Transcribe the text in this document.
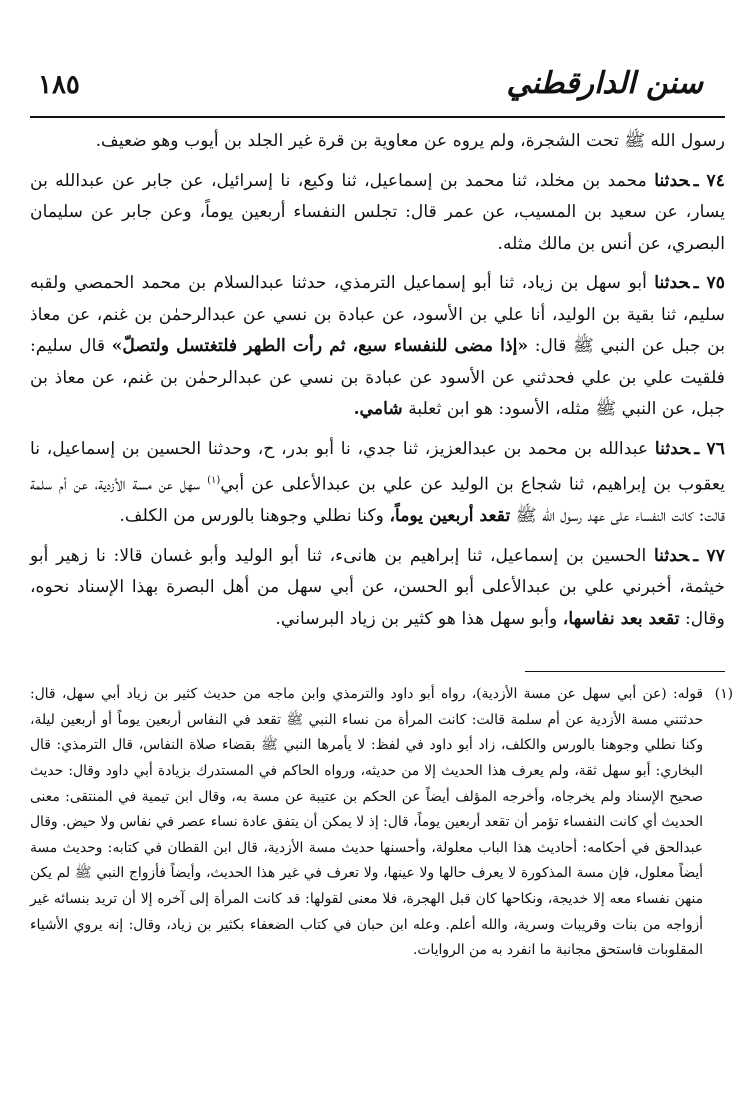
سنن الدارقطني
١٨٥

رسول الله ﷺ تحت الشجرة، ولم يروه عن معاوية بن قرة غير الجلد بن أيوب وهو ضعيف.

٧٤ ـحدثنا محمد بن مخلد، ثنا محمد بن إسماعيل، ثنا وكيع، نا إسرائيل، عن جابر عن عبدالله بن يسار، عن سعيد بن المسيب، عن عمر قال: تجلس النفساء أربعين يوماً، وعن جابر عن سليمان البصري، عن أنس بن مالك مثله.

٧٥ ـحدثنا أبو سهل بن زياد، ثنا أبو إسماعيل الترمذي، حدثنا عبدالسلام بن محمد الحمصي ولقبه سليم، ثنا بقية بن الوليد، أنا علي بن الأسود، عن عبادة بن نسي عن عبدالرحمٰن بن غنم، عن معاذ بن جبل عن النبي ﷺ قال: «إذا مضى للنفساء سبع، ثم رأت الطهر فلتغتسل ولتصلّ» قال سليم: فلقيت علي بن علي فحدثني عن الأسود عن عبادة بن نسي عن عبدالرحمٰن بن غنم، عن معاذ بن جبل، عن النبي ﷺ مثله، الأسود: هو ابن ثعلبة شامي.

٧٦ ـحدثنا عبدالله بن محمد بن عبدالعزيز، ثنا جدي، نا أبو بدر، ح، وحدثنا الحسين بن إسماعيل، نا يعقوب بن إبراهيم، ثنا شجاع بن الوليد عن علي بن عبدالأعلى عن أبي$^{(١)}$ سهل عن مسة الأزدية، عن أم سلمة قالت: كانت النفساء على عهد رسول الله ﷺ تقعد أربعين يوماً، وكنا نطلي وجوهنا بالورس من الكلف.

٧٧ ـحدثنا الحسين بن إسماعيل، ثنا إبراهيم بن هانىء، ثنا أبو الوليد وأبو غسان قالا: نا زهير أبو خيثمة، أخبرني علي بن عبدالأعلى أبو الحسن، عن أبي سهل من أهل البصرة بهذا الإسناد نحوه، وقال: تقعد بعد نفاسها، وأبو سهل هذا هو كثير بن زياد البرساني.

(١)
قوله: (عن أبي سهل عن مسة الأزدية)، رواه أبو داود والترمذي وابن ماجه من حديث كثير بن زياد أبي سهل، قال: حدثتني مسة الأزدية عن أم سلمة قالت: كانت المرأة من نساء النبي ﷺ تقعد في النفاس أربعين يوماً أو أربعين ليلة، وكنا نطلي وجوهنا بالورس والكلف، زاد أبو داود في لفظ: لا يأمرها النبي ﷺ بقضاء صلاة النفاس، قال الترمذي: قال البخاري: أبو سهل ثقة، ولم يعرف هذا الحديث إلا من حديثه، ورواه الحاكم في المستدرك بزيادة أبي داود وقال: حديث صحيح الإسناد ولم يخرجاه، وأخرجه المؤلف أيضاً عن الحكم بن عتيبة عن مسة به، وقال ابن تيمية في المنتقى: معنى الحديث أي كانت النفساء تؤمر أن تقعد أربعين يوماً، قال: إذ لا يمكن أن يتفق عادة نساء عصر في نفاس ولا حيض. وقال عبدالحق في أحكامه: أحاديث هذا الباب معلولة، وأحسنها حديث مسة الأزدية، قال ابن القطان في كتابه: وحديث مسة أيضاً معلول، فإن مسة المذكورة لا يعرف حالها ولا عينها، ولا تعرف في غير هذا الحديث، وأيضاً فأزواج النبي ﷺ لم يكن منهن نفساء معه إلا خديجة، ونكاحها كان قبل الهجرة، فلا معنى لقولها: قد كانت المرأة إلى آخره إلا أن تريد بنسائه غير أزواجه من بنات وقريبات وسرية، والله أعلم. وعله ابن حبان في كتاب الضعفاء بكثير بن زياد، وقال: إنه يروي الأشياء المقلوبات فاستحق مجانبة ما انفرد به من الروايات.
